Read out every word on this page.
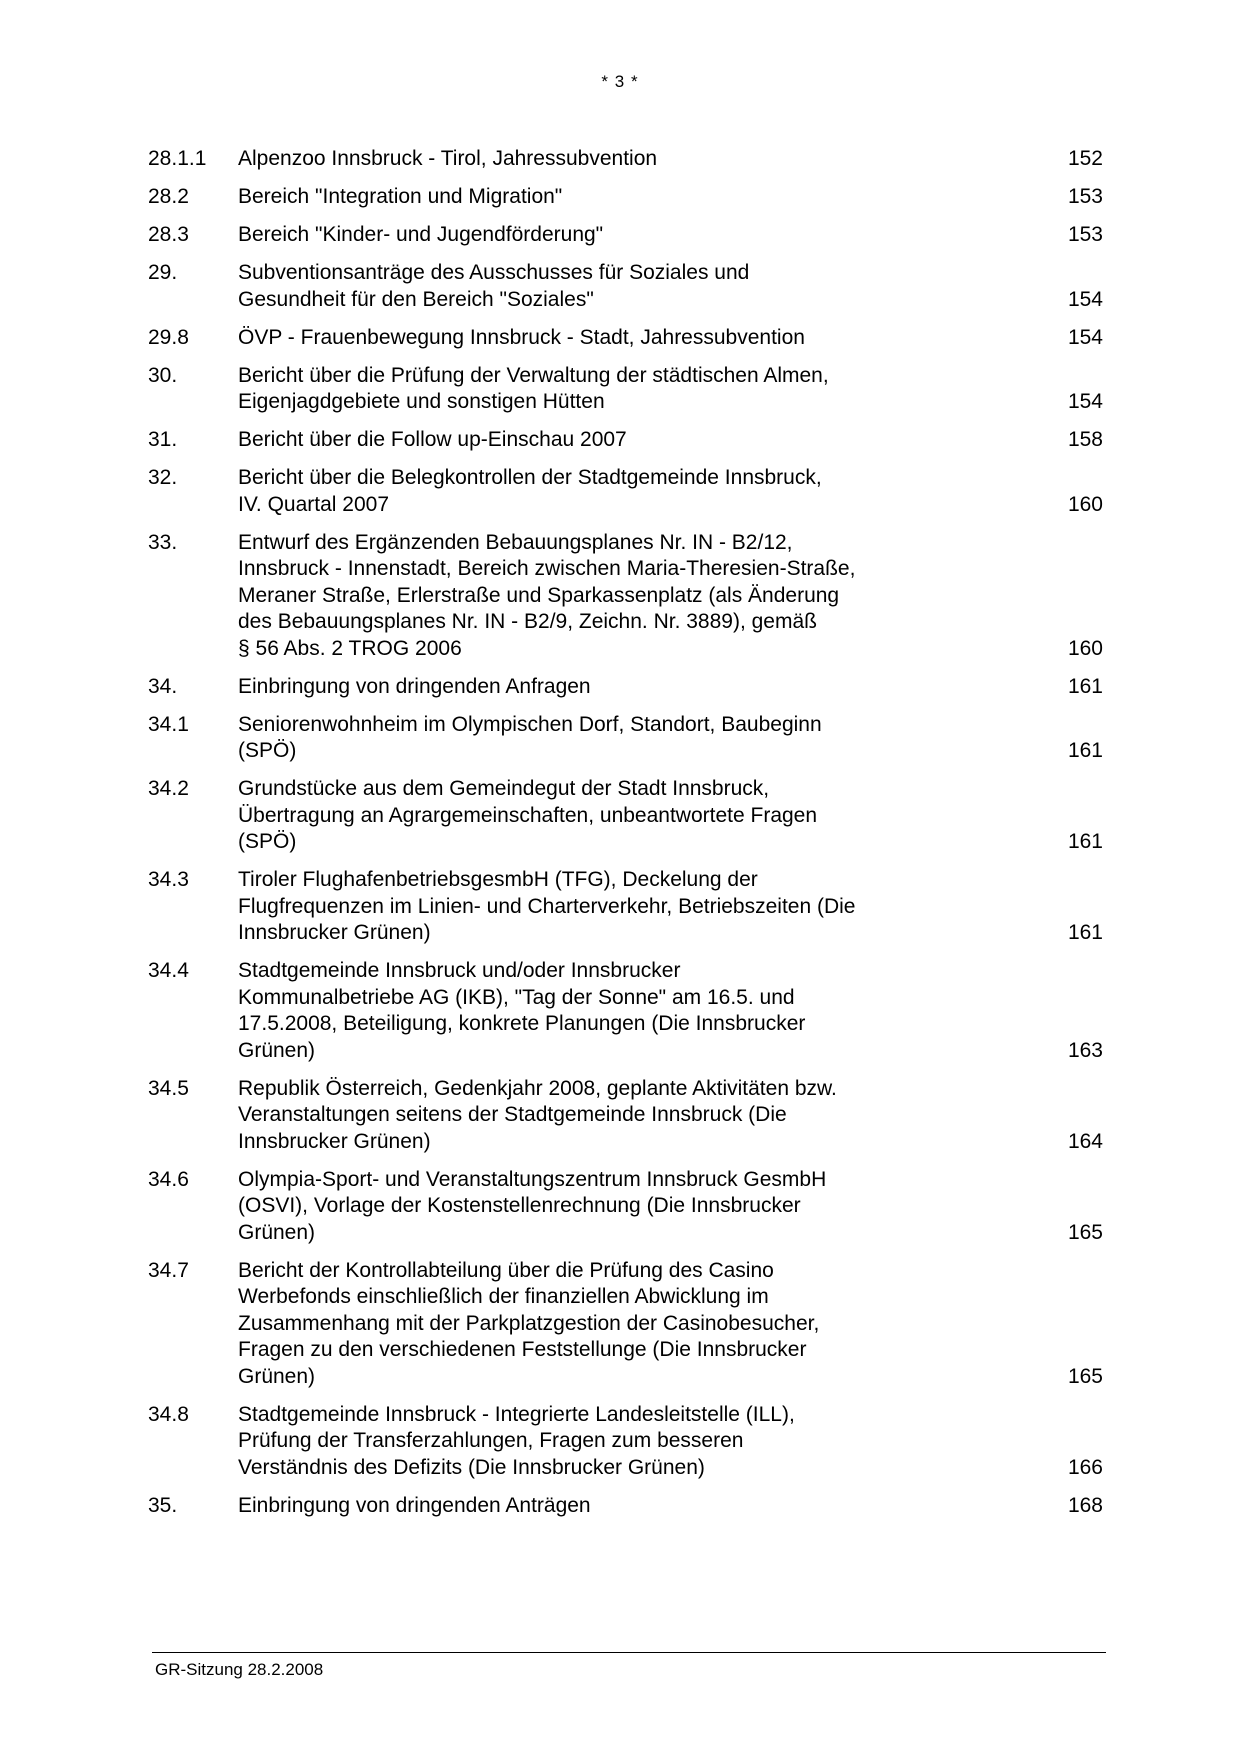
* 3 *
28.1.1 Alpenzoo Innsbruck - Tirol, Jahressubvention	152
28.2 Bereich "Integration und Migration"	153
28.3 Bereich "Kinder- und Jugendförderung"	153
29.	Subventionsanträge des Ausschusses für Soziales und
Gesundheit für den Bereich "Soziales"	154
29.8 ÖVP - Frauenbewegung Innsbruck - Stadt, Jahressubvention	154
30.	Bericht über die Prüfung der Verwaltung der städtischen Almen,
Eigenjagdgebiete und sonstigen Hütten	154
31.	Bericht über die Follow up-Einschau 2007	158
32.	Bericht über die Belegkontrollen der Stadtgemeinde Innsbruck,
IV. Quartal 2007	160
33.	Entwurf des Ergänzenden Bebauungsplanes Nr. IN - B2/12,
Innsbruck - Innenstadt, Bereich zwischen Maria-Theresien-Straße,
Meraner Straße, Erlerstraße und Sparkassenplatz (als Änderung
des Bebauungsplanes Nr. IN - B2/9, Zeichn. Nr. 3889), gemäß
§ 56 Abs. 2 TROG 2006	160
34.	Einbringung von dringenden Anfragen	161
34.1 Seniorenwohnheim im Olympischen Dorf, Standort, Baubeginn
(SPÖ)	161
34.2 Grundstücke aus dem Gemeindegut der Stadt Innsbruck,
Übertragung an Agrargemeinschaften, unbeantwortete Fragen
(SPÖ)	161
34.3 Tiroler FlughafenbetriebsgesmbH (TFG), Deckelung der
Flugfrequenzen im Linien- und Charterverkehr, Betriebszeiten (Die
Innsbrucker Grünen)	161
34.4 Stadtgemeinde Innsbruck und/oder Innsbrucker
Kommunalbetriebe AG (IKB), "Tag der Sonne" am 16.5. und
17.5.2008, Beteiligung, konkrete Planungen (Die Innsbrucker
Grünen)	163
34.5 Republik Österreich, Gedenkjahr 2008, geplante Aktivitäten bzw.
Veranstaltungen seitens der Stadtgemeinde Innsbruck (Die
Innsbrucker Grünen)	164
34.6 Olympia-Sport- und Veranstaltungszentrum Innsbruck GesmbH
(OSVI), Vorlage der Kostenstellenrechnung (Die Innsbrucker
Grünen)	165
34.7 Bericht der Kontrollabteilung über die Prüfung des Casino
Werbefonds einschließlich der finanziellen Abwicklung im
Zusammenhang mit der Parkplatzgestion der Casinobesucher,
Fragen zu den verschiedenen Feststellunge (Die Innsbrucker
Grünen)	165
34.8 Stadtgemeinde Innsbruck - Integrierte Landesleitstelle (ILL),
Prüfung der Transferzahlungen, Fragen zum besseren
Verständnis des Defizits (Die Innsbrucker Grünen)	166
35.	Einbringung von dringenden Anträgen	168
GR-Sitzung 28.2.2008
